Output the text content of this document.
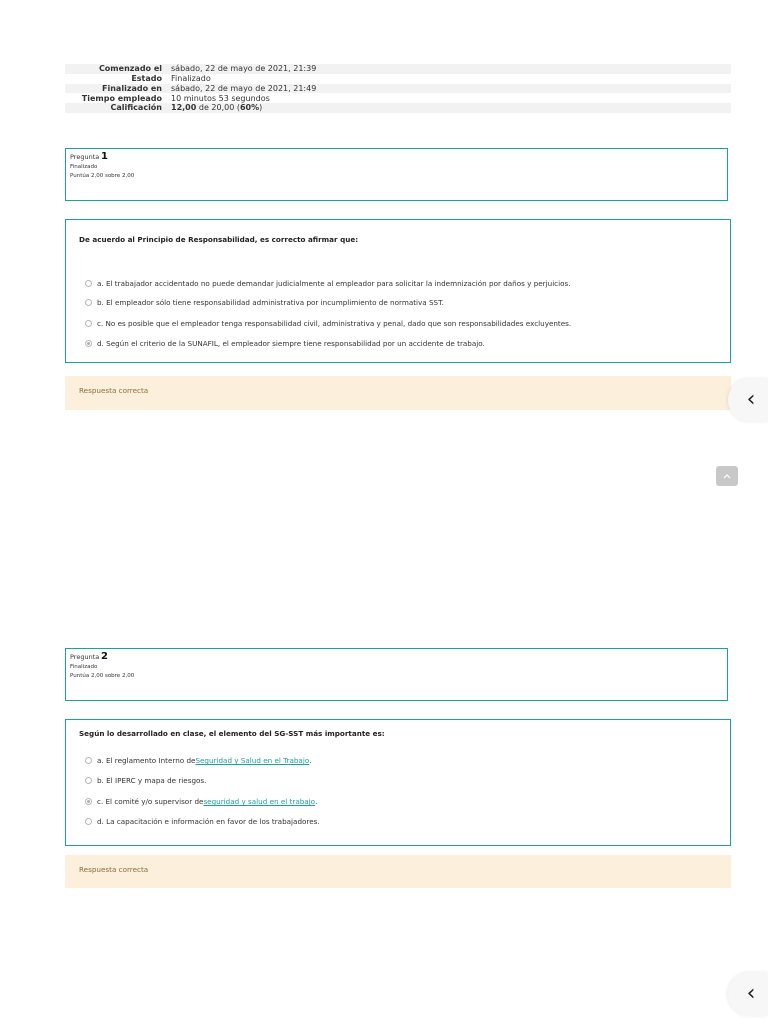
Comenzado el	sábado, 22 de mayo de 2021, 21:39
Estado	Finalizado
Finalizado en	sábado, 22 de mayo de 2021, 21:49
Tiempo empleado	10 minutos 53 segundos
Calificación	12,00 de 20,00 (60%)
Pregunta 1
Finalizado
Puntúa 2,00 sobre 2,00
De acuerdo al Principio de Responsabilidad, es correcto afirmar que:
a. El trabajador accidentado no puede demandar judicialmente al empleador para solicitar la indemnización por daños y perjuicios.
b. El empleador sólo tiene responsabilidad administrativa por incumplimiento de normativa SST.
c. No es posible que el empleador tenga responsabilidad civil, administrativa y penal, dado que son responsabilidades excluyentes.
d. Según el criterio de la SUNAFIL, el empleador siempre tiene responsabilidad por un accidente de trabajo.
Respuesta correcta	‹
Pregunta 2
Finalizado
Puntúa 2,00 sobre 2,00
Según lo desarrollado en clase, el elemento del SG-SST más importante es:
a. El reglamento Interno de Seguridad y Salud en el Trabajo .
b. El IPERC y mapa de riesgos.
c. El comité y/o supervisor de seguridad y salud en el trabajo .
d. La capacitación e información en favor de los trabajadores.
Respuesta correcta
‹
